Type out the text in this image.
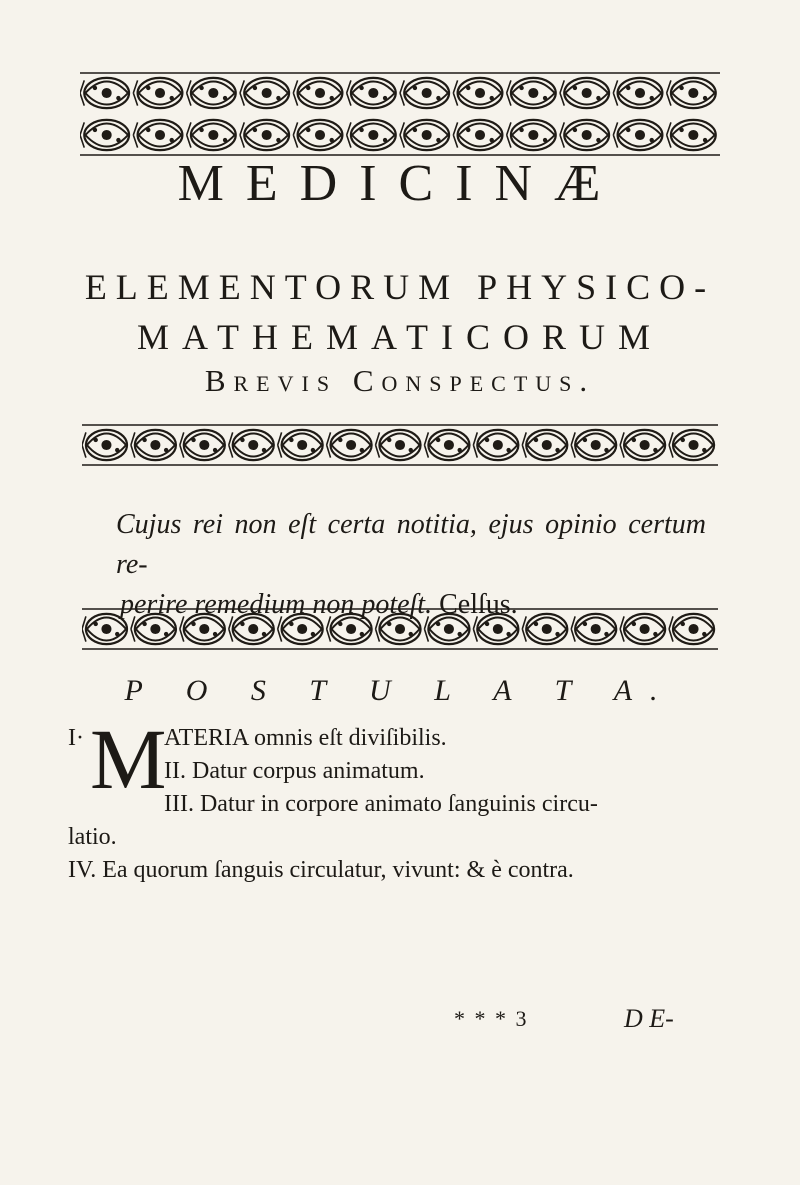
MEDICINÆ
ELEMENTORUM PHYSICO-
MATHEMATICORUM
Brevis Conspectus.
Cujus rei non eſt certa notitia, ejus opinio certum re-
perire remedium non poteſt. Celſus.
P O S T U L A T A.
I· M
ATERIA omnis eſt diviſibilis.
II. Datur corpus animatum.
III. Datur in corpore animato ſanguinis circu-
latio.
IV. Ea quorum ſanguis circulatur, vivunt: & è contra.
* * * 3	D E-
